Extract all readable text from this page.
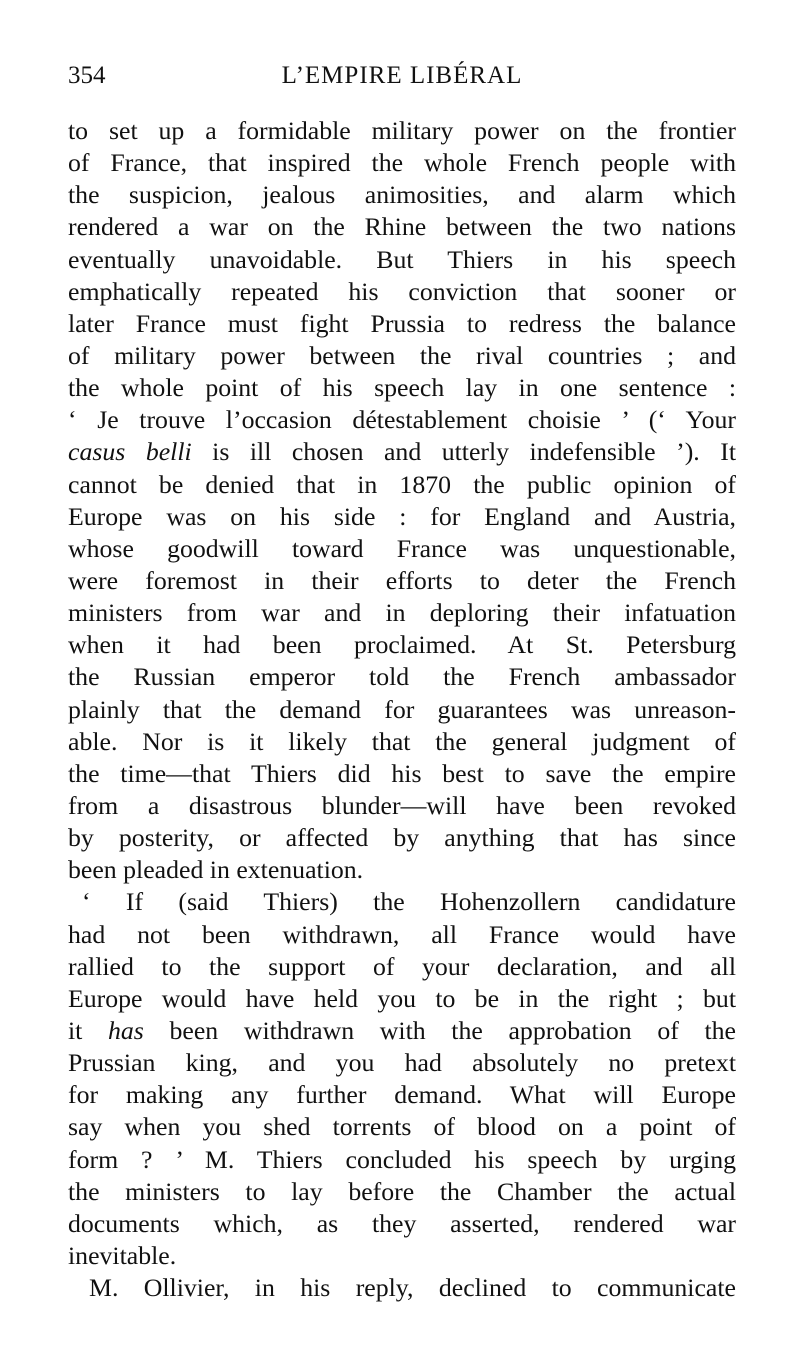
354	L’EMPIRE LIBÉRAL
to set up a formidable military power on the frontier
of France, that inspired the whole French people with
the suspicion, jealous animosities, and alarm which
rendered a war on the Rhine between the two nations
eventually unavoidable. But Thiers in his speech
emphatically repeated his conviction that sooner or
later France must fight Prussia to redress the balance
of military power between the rival countries ; and
the whole point of his speech lay in one sentence :
‘ Je trouve l’occasion détestablement choisie ’ (‘ Your
casus belli is ill chosen and utterly indefensible ’). It
cannot be denied that in 1870 the public opinion of
Europe was on his side : for England and Austria,
whose goodwill toward France was unquestionable,
were foremost in their efforts to deter the French
ministers from war and in deploring their infatuation
when it had been proclaimed. At St. Petersburg
the Russian emperor told the French ambassador
plainly that the demand for guarantees was unreason-
able. Nor is it likely that the general judgment of
the time—that Thiers did his best to save the empire
from a disastrous blunder—will have been revoked
by posterity, or affected by anything that has since
been pleaded in extenuation.
‘ If (said Thiers) the Hohenzollern candidature
had not been withdrawn, all France would have
rallied to the support of your declaration, and all
Europe would have held you to be in the right ; but
it has been withdrawn with the approbation of the
Prussian king, and you had absolutely no pretext
for making any further demand. What will Europe
say when you shed torrents of blood on a point of
form ? ’ M. Thiers concluded his speech by urging
the ministers to lay before the Chamber the actual
documents which, as they asserted, rendered war
inevitable.
M. Ollivier, in his reply, declined to communicate
